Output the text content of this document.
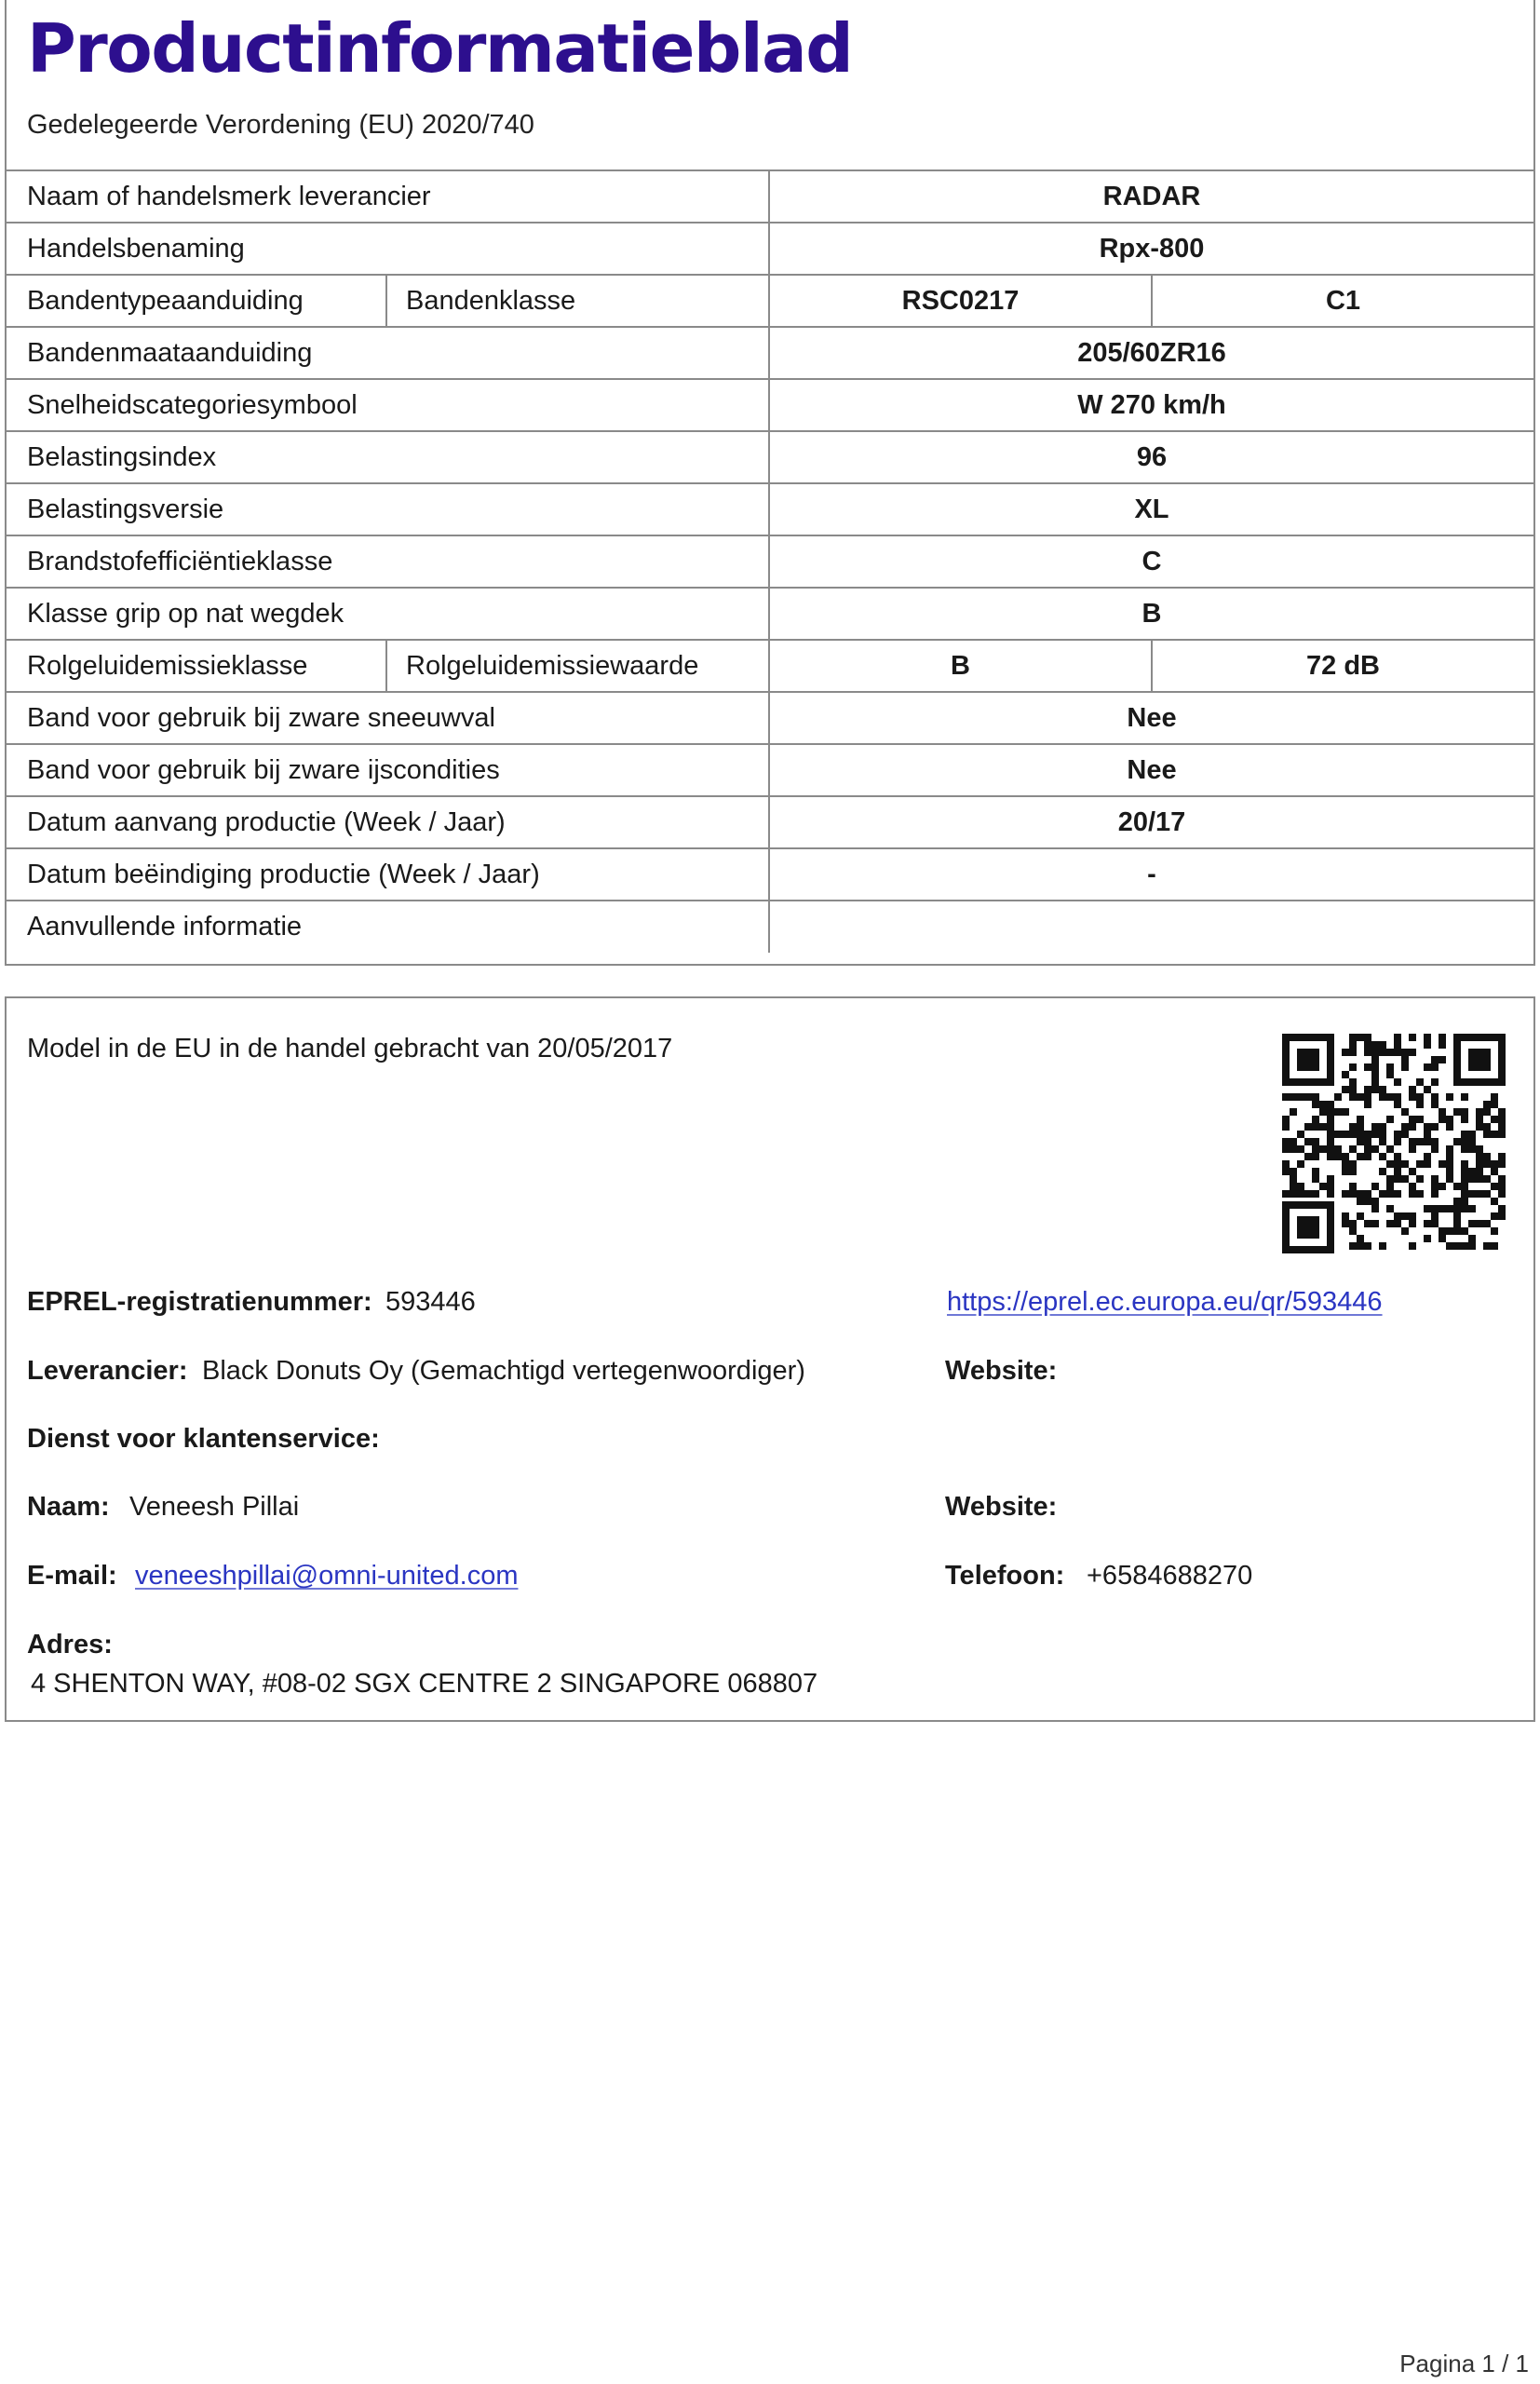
Productinformatieblad
Gedelegeerde Verordening (EU) 2020/740
Naam of handelsmerk leverancier		RADAR	
Handelsbenaming		Rpx-800	
Bandentypeaanduiding	Bandenklasse	RSC0217	C1
Bandenmaataanduiding		205/60ZR16	
Snelheidscategoriesymbool		W 270 km/h	
Belastingsindex		96	
Belastingsversie		XL	
Brandstofefficiëntieklasse		C	
Klasse grip op nat wegdek		B	
Rolgeluidemissieklasse	Rolgeluidemissiewaarde	B	72 dB
Band voor gebruik bij zware sneeuwval		Nee	
Band voor gebruik bij zware ijscondities		Nee	
Datum aanvang productie (Week / Jaar)		20/17	
Datum beëindiging productie (Week / Jaar)		-	
Aanvullende informatie			
Model in de EU in de handel gebracht van 20/05/2017
EPREL-registratienummer: 593446	https://eprel.ec.europa.eu/qr/593446
Leverancier: Black Donuts Oy (Gemachtigd vertegenwoordiger)	Website:
Dienst voor klantenservice:
Naam: Veneesh Pillai	Website:
E-mail: veneeshpillai@omni-united.com	Telefoon: +6584688270
Adres:
4 SHENTON WAY, #08-02 SGX CENTRE 2 SINGAPORE 068807
Pagina 1 / 1
